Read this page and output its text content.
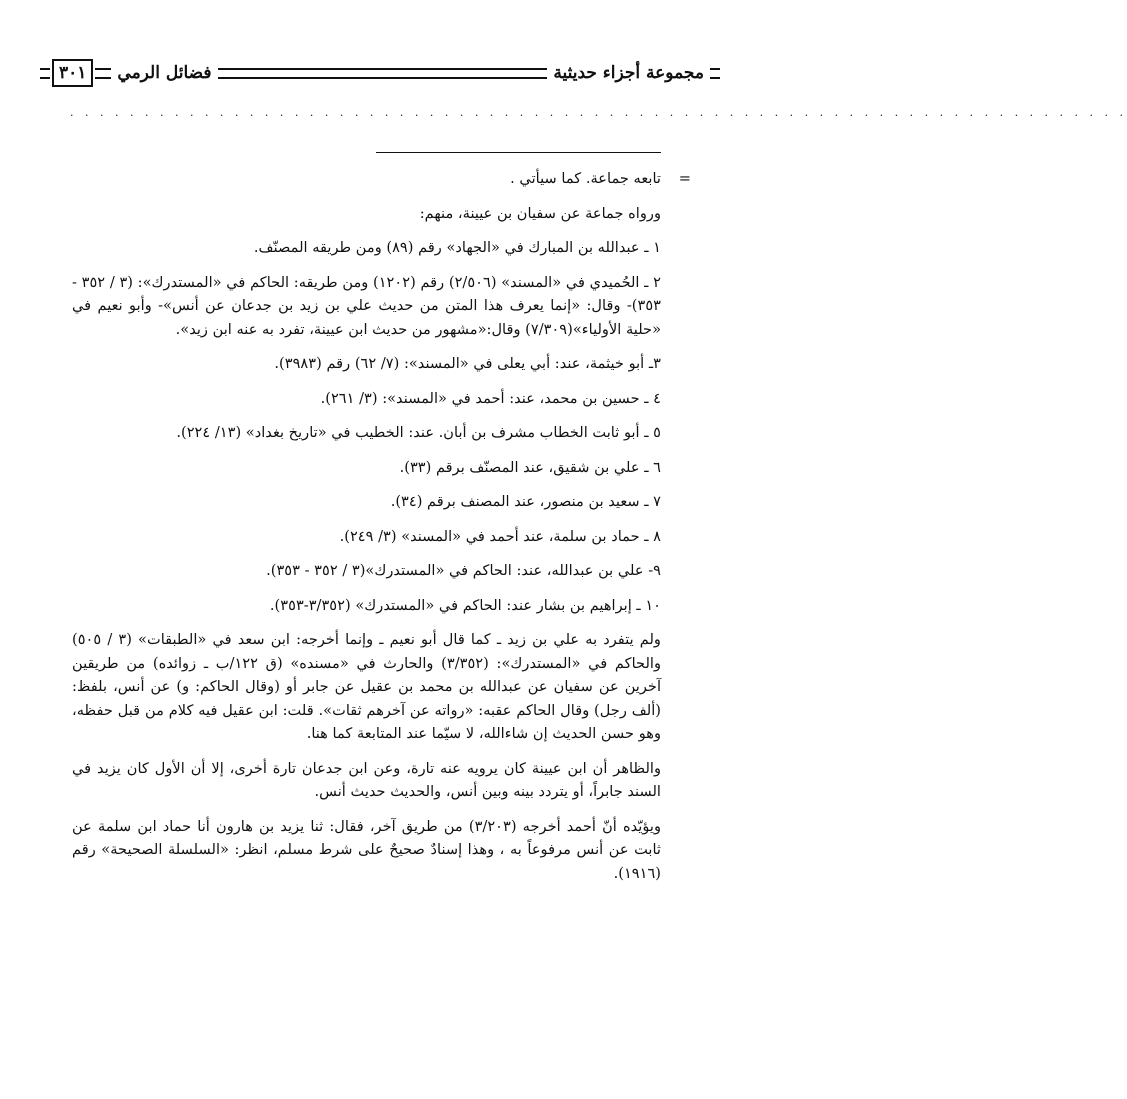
مجموعة أجزاء حديثية
فضائل الرمي
٣٠١
. . . . . . . . . . . . . . . . . . . . . . . . . . . . . . . . . . . . . . . . . . . . . . . . . . . . . . . . . . . . . . . . . . . . . . .

=تابعه جماعة. كما سيأتي .

ورواه جماعة عن سفيان بن عيينة، منهم:

١ ـ عبدالله بن المبارك في «الجهاد» رقم (٨٩) ومن طريقه المصنّف.

٢ ـ الحُميدي في «المسند» (٢/٥٠٦) رقم (١٢٠٢) ومن طريقه: الحاكم في «المستدرك»: (٣ / ٣٥٢ - ٣٥٣)- وقال: «إنما يعرف هذا المتن من حديث علي بن زيد بن جدعان عن أنس»- وأبو نعيم في «حلية الأولياء»(٧/٣٠٩) وقال:«مشهور من حديث ابن عيينة، تفرد به عنه ابن زيد».

٣ـ أبو خيثمة، عند: أبي يعلى في «المسند»: (٧/ ٦٢) رقم (٣٩٨٣).

٤ ـ حسين بن محمد، عند: أحمد في «المسند»: (٣/ ٢٦١).

٥ ـ أبو ثابت الخطاب مشرف بن أبان. عند: الخطيب في «تاريخ بغداد» (١٣/ ٢٢٤).

٦ ـ علي بن شقيق، عند المصنّف برقم (٣٣).

٧ ـ سعيد بن منصور، عند المصنف برقم (٣٤).

٨ ـ حماد بن سلمة، عند أحمد في «المسند» (٣/ ٢٤٩).

٩- علي بن عبدالله، عند: الحاكم في «المستدرك»(٣ / ٣٥٢ - ٣٥٣).

١٠ ـ إبراهيم بن بشار عند: الحاكم في «المستدرك» (٣/٣٥٢-٣٥٣).

ولم يتفرد به علي بن زيد ـ كما قال أبو نعيم ـ وإنما أخرجه: ابن سعد في «الطبقات» (٣ / ٥٠٥) والحاكم في «المستدرك»: (٣/٣٥٢) والحارث في «مسنده» (ق ١٢٢/ب ـ زوائده) من طريقين آخرين عن سفيان عن عبدالله بن محمد بن عقيل عن جابر أو (وقال الحاكم: و) عن أنس، بلفظ: (ألف رجل) وقال الحاكم عقبه: «رواته عن آخرهم ثقات». قلت: ابن عقيل فيه كلام من قبل حفظه، وهو حسن الحديث إن شاءالله، لا سيّما عند المتابعة كما هنا.

والظاهر أن ابن عيينة كان يرويه عنه تارة، وعن ابن جدعان تارة أخرى، إلا أن الأول كان يزيد في السند جابراً، أو يتردد بينه وبين أنس، والحديث حديث أنس.

ويؤيّده أنّ أحمد أخرجه (٣/٢٠٣) من طريق آخر، فقال: ثنا يزيد بن هارون أنا حماد ابن سلمة عن ثابت عن أنس مرفوعاً به ، وهذا إسنادٌ صحيحٌ على شرط مسلم، انظر: «السلسلة الصحيحة» رقم (١٩١٦).
